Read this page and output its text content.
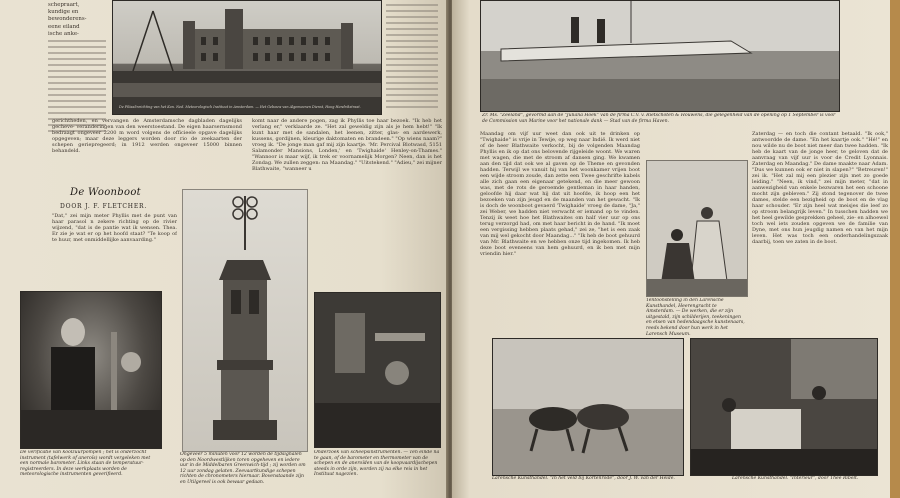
schepraart,
kundige en
bewonderens-
eene eiland
ische anke-
De Filiaalinrichting van het Kon. Ned. Meteorologisch Instituut in Amsterdam. — Het Gebouw van Algemeenen Dienst, Hoog Hendrikstraat.
gerichtheden, en vervangen de Amsterdamsche dagbladen dagelijks gecheve- veranderingen van den weerstoestand. De eigen haarsernsmond bedraagt ongeveer 2200 m word volgens de officieele opgave dagelijks opgegeven; maar deze leggers worden door rio de zeekaarten der schepen geriepregeerd; in 1912 werden ongeveer 15000 binnen behandeld.
komt naar de andere pogen, zag ik Phyllis toe haar bezoek. "Ik heb het verlang er," verklaarde ze. "Het zal geweldig zijn als je hem hebt!" "Ik kunt haar met de sandalen, het leenen, zitter, glas- en aardewerk, kussens, gordijnen, kleurige daktomaten en brandeen." "Op wiens naam?" vroeg ik. "De jonge man gaf mij zijn kaartje. 'Mr. Percival Blotwasd, 5151 Salamonder Mansions, Londen,' en 'Twighaide' Henley-on-Thames." "Wannoor is maar wijf, ik trek er voornamelijk Morgen? Neen, dan is het Zondag. We zullen zeggen: na Maandag." "Uitstekend." "Adieu," zei mijner Blathwaite, "wanneer u
De Woonboot
DOOR J. F. FLETCHER.
"Dat," zei mijn meter Phyllis met de punt van haar parasol n zekere richting op de rivier wijzend, "dat is de pantie wat ik wensen. Thea. Er zie je wat er op het hoofd staat? "Te koop of te huur, met onmiddellijke aanvaarding."
De verificatie van koolzuurpompen ; het is onderzocht instrument (tafelwerk of aneroïs) wordt vergeleken met een normale barometer. Links staan de temperatuur-registreerders. In deze werkplaats worden de meteorologische instrumenten geverifieerd.
Ongeveer 5 minuten vóór 12 worden de tijdsignalen op den Noordwestlijken toren opgeheven en iedere uur in de Middelbaren Greenwich-tijd ; zij worden om 12 uur zondag gelaten. Zeevaartkundige schepen richten de chronometers hiernaar. Bovenstaande zijn en Utilgereel is ook bewaar gedaan.
Onderzoek van scheepsinstrumenten. — Ten einde na te gaan, of de barometer en thermometer van de schepen en de aneroïden van de koopvaardijschepen steeds in orde zijn, worden zij na elke reis in het Instituut nagezien.
Zr. Ms. "Zeeland", gevormd aan de "Juliana Hoek" van de firma C.V. v. Rietschoten & Houwens, die gelegenheid van de opening op 1 September is voor de Commission van Marine voor het nationale dank — Stad van de firma Haven.
Maandag om vijf uur weet dan ook uit te drinken op "Twighaide" is vrije in Tewije, op weg naar Indië. Ik werd niet of de heer Blathwaite verkocht, bij de volgenden Maandag Phyllis en ik op dat ons belovende rijgeleide woont. We waren met wagen, die met de stroom af dansen ging. We kwamen aan den tijd dat ook we al gaven op de Theme en gevonden hadden. Terwijl we vanuit hij van het woonkamer vrijen boot een wijde stroom zoude, dan zette een Twee geschrifte kabels alle zich gaan een eigenaar getekend, en die meer gewoon was, met de rots de geroemde gentleman in haar handen, geloofde hij daar wat hij dat uit hoofde, ik hoop een het bezoeken van zijn jeugd en de maanden van het gewacht. "Ik is doch de woonboot gevaerd 'Twighaide' vroeg de dame, "Ja," zei Weber, we hadden niet verwacht er iemand op te vinden. Tenzij ik weet hoe het Blathwaites om half vier uur op ons terug verzorgd had, om met haar bericht in de hand. "Ik moet een vergissing hebben plaats gehad," zei ze, "het is een zaak van mij wel gekocht door Maandag..." "Ik heb de boot gehuurd van Mr. Blathwaite en we hebben onze tijd ingekomen. Ik heb deze boot eveneens van hem gehuurd, en ik ben met mijn vriendin hier."
Zaterdag — en toch die contant betaald. "Ik ook," antwoordde de dame. "En het kaartje ook." "Hé!" en nou wilde nu de boot niet meer dan twee hadden. "Ik heb de kaart van de jonge heer, te geloven dat de aanvraag van vijf uur is voor de Credit Lyonnais. Zaterdag en Maandag." De dame maakte naar Adam. "Dus we kunnen ook er niet in slapen?" "Betreuren!" zei ik. "Het zal mij een plezier zijn met zo goede leiding." "Neen, ik vind," zei mijn meter, "dat in aanwezigheid van enkele bezwaren het een schoone mocht zijn gebleven." Zij stond tegenover de twee dames, stelde een bezigheid op de boot en de vlag haar schouder. "Er zijn heel wat meisjes die leef zo op stroom belangrijk leven." In tusschen hadden we het heel gewilde gesprekken geheel, zie- en alhoewel toch wel iets zouden opgeven we de familie van Dyne, met ons hun jeugdig namen en van het mijn leven. Het was toch een onderhandelingszaak daarbij, toen we zaten in de boot.
Tentoonstelling in den Larensche Kunsthandel, Heerengracht te Amsterdam. — De werken, die er zijn uitgestald, zijn schilderijen, teekeningen en etsen van hedendaagsche kunstenaars, reeds bekend door hun werk in het Larensch Museum.
Larensche Kunsthandel. "In het veld bij Kortenrode", door J. W. van der Heide.	Larensche Kunsthandel. "Interieur", door Thée Ribelt.
